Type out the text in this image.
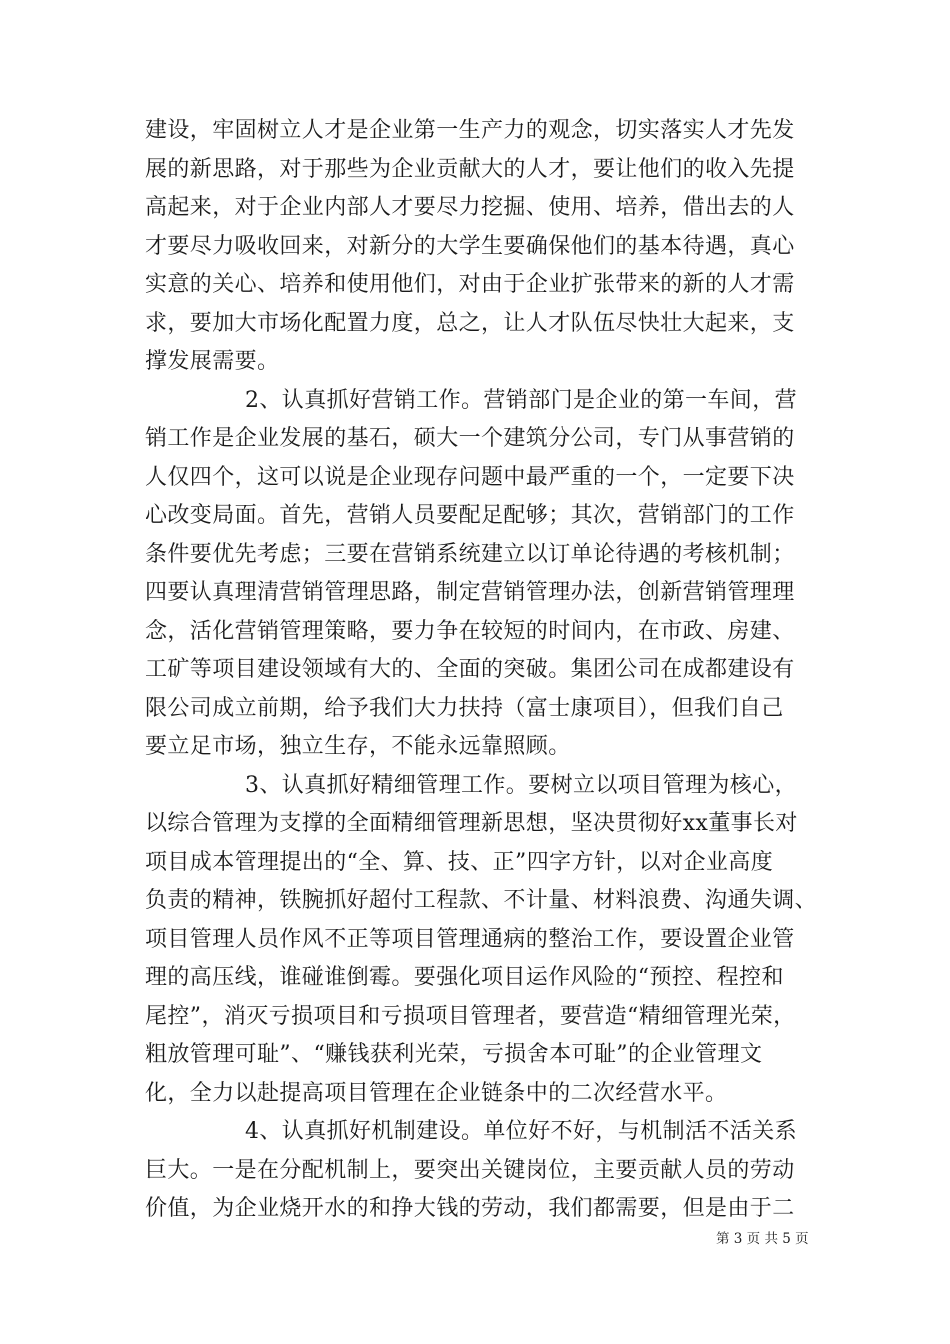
建设，牢固树立人才是企业第一生产力的观念，切实落实人才先发
展的新思路，对于那些为企业贡献大的人才，要让他们的收入先提
高起来，对于企业内部人才要尽力挖掘、使用、培养，借出去的人
才要尽力吸收回来，对新分的大学生要确保他们的基本待遇，真心
实意的关心、培养和使用他们，对由于企业扩张带来的新的人才需
求，要加大市场化配置力度，总之，让人才队伍尽快壮大起来，支
撑发展需要。
2、认真抓好营销工作。营销部门是企业的第一车间，营
销工作是企业发展的基石，硕大一个建筑分公司，专门从事营销的
人仅四个，这可以说是企业现存问题中最严重的一个，一定要下决
心改变局面。首先，营销人员要配足配够；其次，营销部门的工作
条件要优先考虑；三要在营销系统建立以订单论待遇的考核机制；
四要认真理清营销管理思路，制定营销管理办法，创新营销管理理
念，活化营销管理策略，要力争在较短的时间内，在市政、房建、
工矿等项目建设领域有大的、全面的突破。集团公司在成都建设有
限公司成立前期，给予我们大力扶持（富士康项目），但我们自己
要立足市场，独立生存，不能永远靠照顾。
3、认真抓好精细管理工作。要树立以项目管理为核心，
以综合管理为支撑的全面精细管理新思想，坚决贯彻好xx董事长对
项目成本管理提出的“全、算、技、正”四字方针，以对企业高度
负责的精神，铁腕抓好超付工程款、不计量、材料浪费、沟通失调、
项目管理人员作风不正等项目管理通病的整治工作，要设置企业管
理的高压线，谁碰谁倒霉。要强化项目运作风险的“预控、程控和
尾控”，消灭亏损项目和亏损项目管理者，要营造“精细管理光荣，
粗放管理可耻”、“赚钱获利光荣，亏损舍本可耻”的企业管理文
化，全力以赴提高项目管理在企业链条中的二次经营水平。
4、认真抓好机制建设。单位好不好，与机制活不活关系
巨大。一是在分配机制上，要突出关键岗位，主要贡献人员的劳动
价值，为企业烧开水的和挣大钱的劳动，我们都需要，但是由于二
第 3 页 共 5 页
